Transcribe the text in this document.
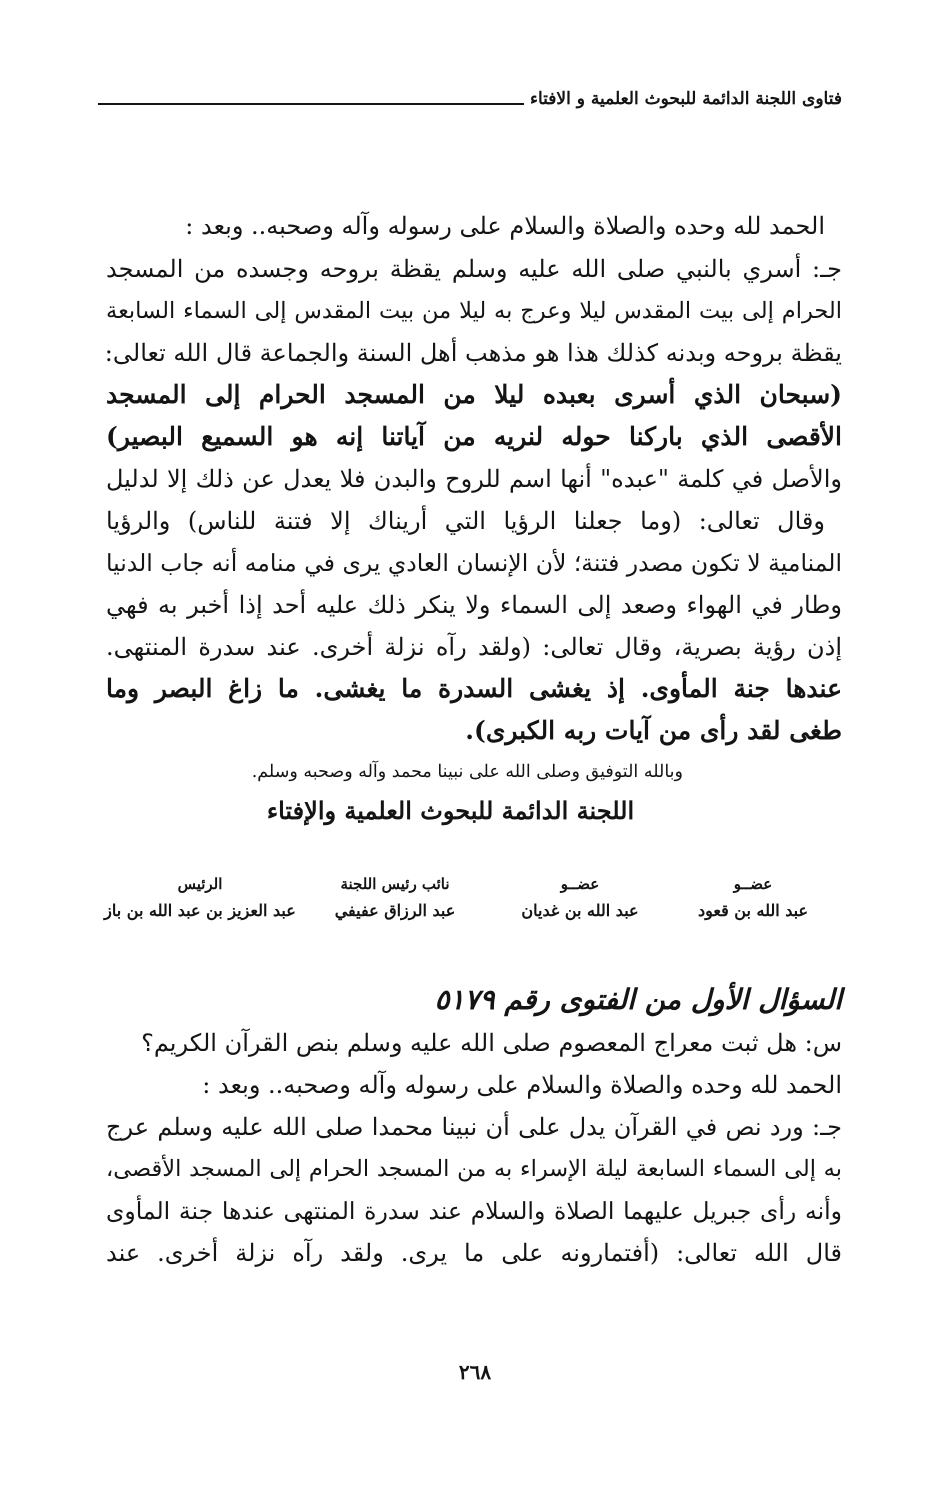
فتاوى اللجنة الدائمة للبحوث العلمية و الافتاء
الحمد لله وحده والصلاة والسلام على رسوله وآله وصحبه.. وبعد :
جـ: أسري بالنبي صلى الله عليه وسلم يقظة بروحه وجسده من المسجد
الحرام إلى بيت المقدس ليلا وعرج به ليلا من بيت المقدس إلى السماء السابعة
يقظة بروحه وبدنه كذلك هذا هو مذهب أهل السنة والجماعة قال الله تعالى:
(سبحان الذي أسرى بعبده ليلا من المسجد الحرام إلى المسجد
الأقصى الذي باركنا حوله لنريه من آياتنا إنه هو السميع البصير)
والأصل في كلمة "عبده" أنها اسم للروح والبدن فلا يعدل عن ذلك إلا لدليل
وقال تعالى: (وما جعلنا الرؤيا التي أريناك إلا فتنة للناس) والرؤيا
المنامية لا تكون مصدر فتنة؛ لأن الإنسان العادي يرى في منامه أنه جاب الدنيا
وطار في الهواء وصعد إلى السماء ولا ينكر ذلك عليه أحد إذا أخبر به فهي
إذن رؤية بصرية، وقال تعالى: (ولقد رآه نزلة أخرى. عند سدرة المنتهى.
عندها جنة المأوى. إذ يغشى السدرة ما يغشى. ما زاغ البصر وما
طغى لقد رأى من آيات ربه الكبرى).
وبالله التوفيق وصلى الله على نبينا محمد وآله وصحبه وسلم.
اللجنة الدائمة للبحوث العلمية والإفتاء
عضــو
عبد الله بن قعود
عضــو
عبد الله بن غديان
نائب رئيس اللجنة
عبد الرزاق عفيفي
الرئيس
عبد العزيز بن عبد الله بن باز
السؤال الأول من الفتوى رقم ٥١٧٩
س: هل ثبت معراج المعصوم صلى الله عليه وسلم بنص القرآن الكريم؟
الحمد لله وحده والصلاة والسلام على رسوله وآله وصحبه.. وبعد :
جـ: ورد نص في القرآن يدل على أن نبينا محمدا صلى الله عليه وسلم عرج
به إلى السماء السابعة ليلة الإسراء به من المسجد الحرام إلى المسجد الأقصى،
وأنه رأى جبريل عليهما الصلاة والسلام عند سدرة المنتهى عندها جنة المأوى
قال الله تعالى: (أفتمارونه على ما يرى. ولقد رآه نزلة أخرى. عند
٢٦٨
